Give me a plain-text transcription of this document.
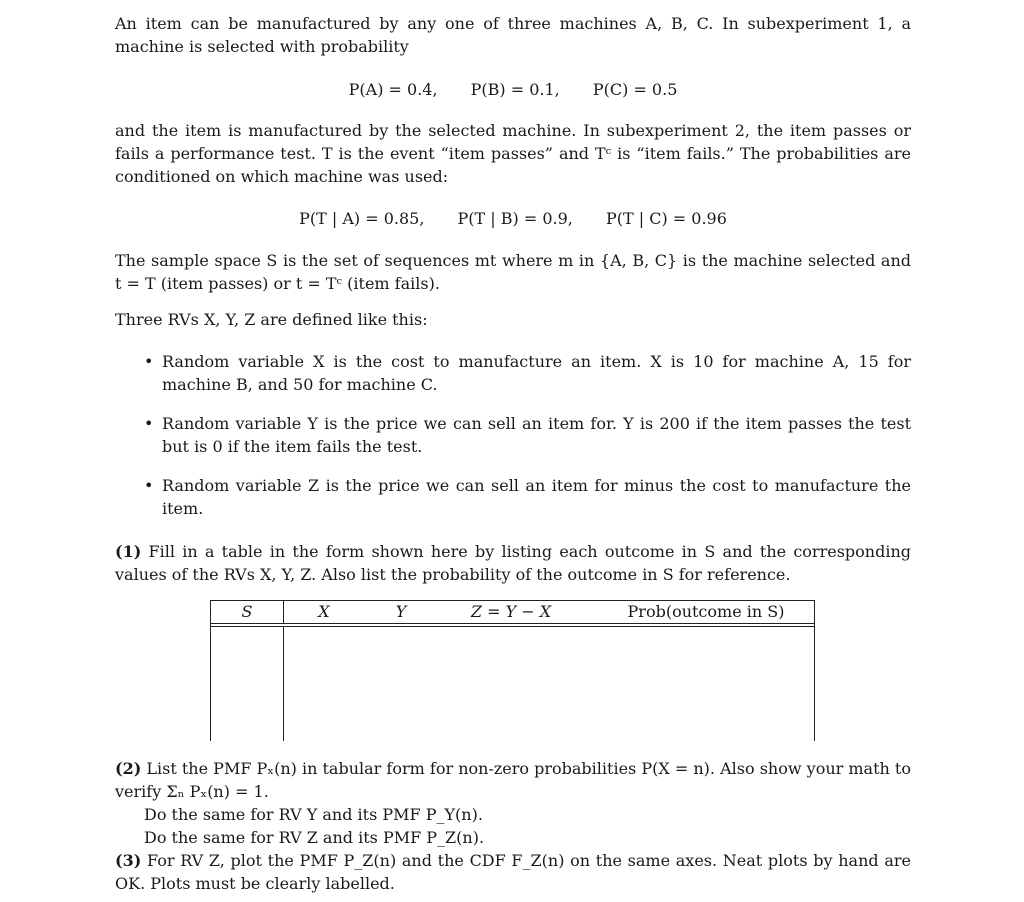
An item can be manufactured by any one of three machines A, B, C. In subexperiment 1, a machine is selected with probability
P(A) = 0.4, P(B) = 0.1, P(C) = 0.5
and the item is manufactured by the selected machine. In subexperiment 2, the item passes or fails a performance test. T is the event “item passes” and Tᶜ is “item fails.” The probabilities are conditioned on which machine was used:
P(T | A) = 0.85, P(T | B) = 0.9, P(T | C) = 0.96
The sample space S is the set of sequences mt where m in {A, B, C} is the machine selected and t = T (item passes) or t = Tᶜ (item fails).
Three RVs X, Y, Z are defined like this:
• Random variable X is the cost to manufacture an item. X is 10 for machine A, 15 for machine B, and 50 for machine C.
• Random variable Y is the price we can sell an item for. Y is 200 if the item passes the test but is 0 if the item fails the test.
• Random variable Z is the price we can sell an item for minus the cost to manufacture the item.
(1) Fill in a table in the form shown here by listing each outcome in S and the corresponding values of the RVs X, Y, Z. Also list the probability of the outcome in S for reference.
S	X	Y	Z = Y − X	Prob(outcome in S)
(2) List the PMF Pₓ(n) in tabular form for non-zero probabilities P(X = n). Also show your math to verify Σₙ Pₓ(n) = 1.
Do the same for RV Y and its PMF P_Y(n).
Do the same for RV Z and its PMF P_Z(n).
(3) For RV Z, plot the PMF P_Z(n) and the CDF F_Z(n) on the same axes. Neat plots by hand are OK. Plots must be clearly labelled.
